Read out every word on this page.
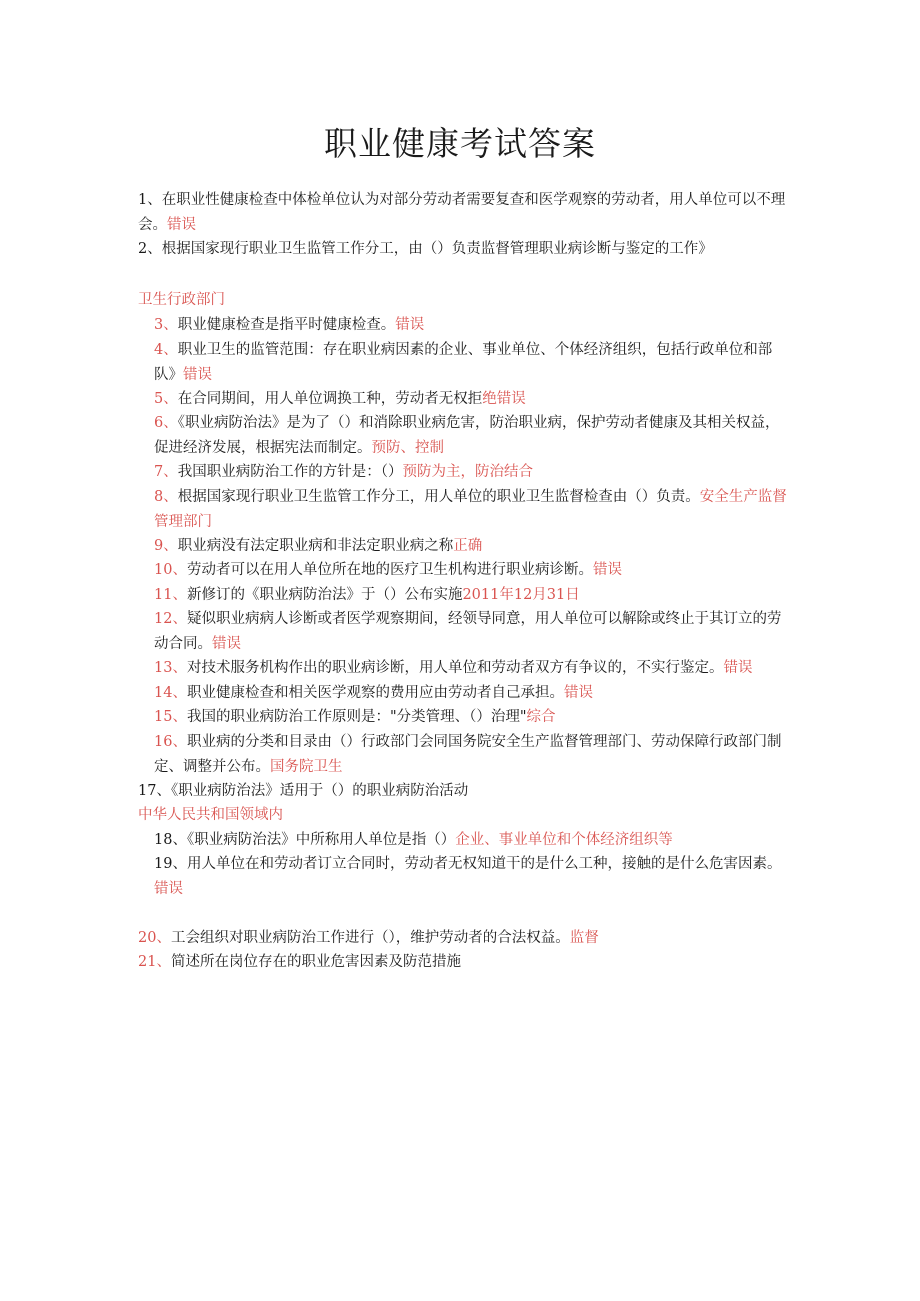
职业健康考试答案

1、在职业性健康检查中体检单位认为对部分劳动者需要复查和医学观察的劳动者，用人单位可以不理会。错误

2、根据国家现行职业卫生监管工作分工，由（）负责监督管理职业病诊断与鉴定的工作》

卫生行政部门

3、职业健康检查是指平时健康检查。错误

4、职业卫生的监管范围：存在职业病因素的企业、事业单位、个体经济组织，包括行政单位和部队》错误

5、在合同期间，用人单位调换工种，劳动者无权拒绝错误

6、《职业病防治法》是为了（）和消除职业病危害，防治职业病，保护劳动者健康及其相关权益，促进经济发展，根据宪法而制定。预防、控制

7、我国职业病防治工作的方针是：（）预防为主，防治结合

8、根据国家现行职业卫生监管工作分工，用人单位的职业卫生监督检查由（）负责。安全生产监督管理部门

9、职业病没有法定职业病和非法定职业病之称正确

10、劳动者可以在用人单位所在地的医疗卫生机构进行职业病诊断。错误

11、新修订的《职业病防治法》于（）公布实施2011年12月31日

12、疑似职业病病人诊断或者医学观察期间，经领导同意，用人单位可以解除或终止于其订立的劳动合同。错误

13、对技术服务机构作出的职业病诊断，用人单位和劳动者双方有争议的，不实行鉴定。错误

14、职业健康检查和相关医学观察的费用应由劳动者自己承担。错误

15、我国的职业病防治工作原则是："分类管理、（）治理"综合

16、职业病的分类和目录由（）行政部门会同国务院安全生产监督管理部门、劳动保障行政部门制定、调整并公布。国务院卫生

17、《职业病防治法》适用于（）的职业病防治活动

中华人民共和国领域内

18、《职业病防治法》中所称用人单位是指（）企业、事业单位和个体经济组织等

19、用人单位在和劳动者订立合同时，劳动者无权知道干的是什么工种，接触的是什么危害因素。错误

20、工会组织对职业病防治工作进行（），维护劳动者的合法权益。监督

21、简述所在岗位存在的职业危害因素及防范措施
